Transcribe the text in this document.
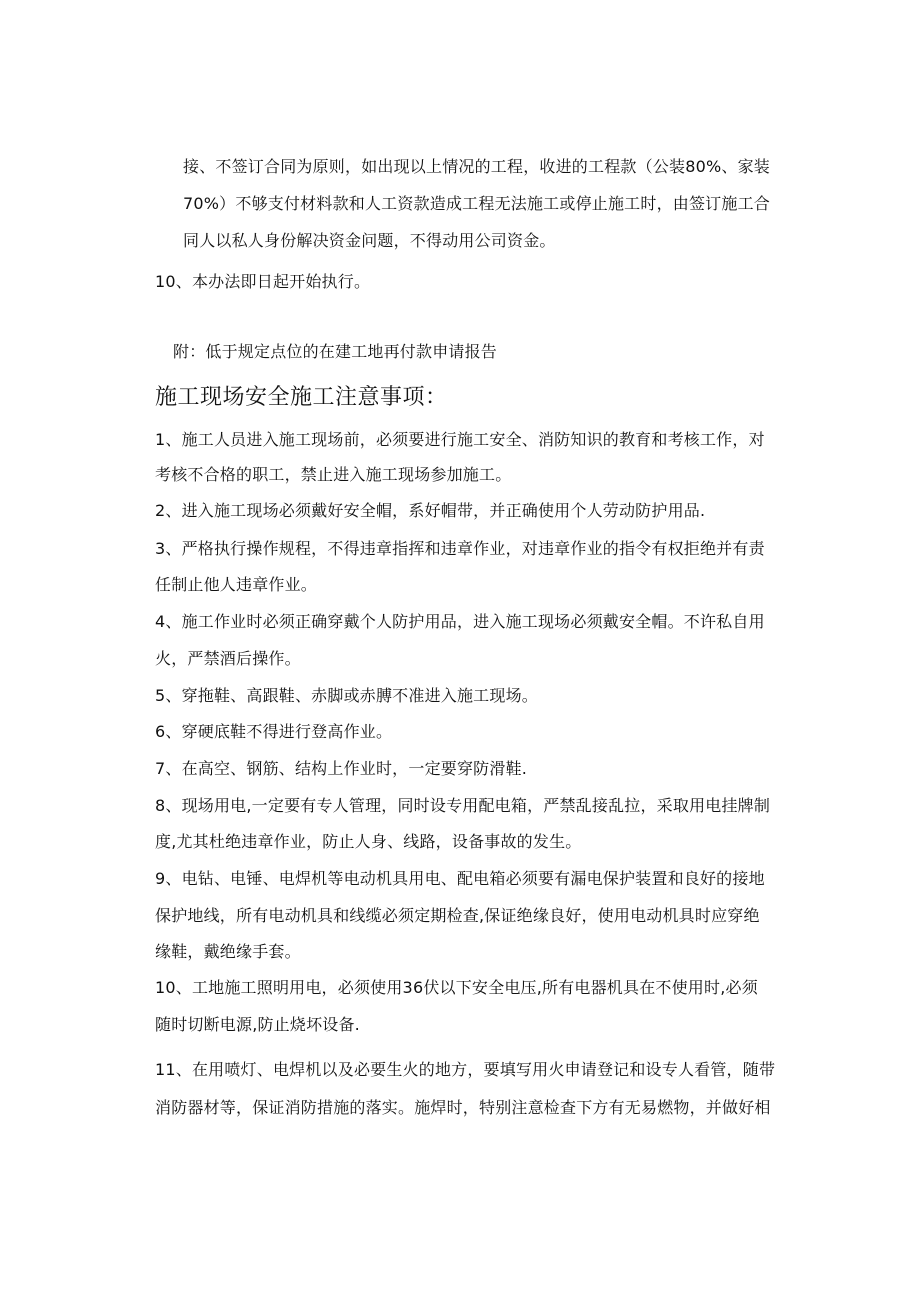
接、不签订合同为原则，如出现以上情况的工程，收进的工程款（公装80%、家装
70%）不够支付材料款和人工资款造成工程无法施工或停止施工时，由签订施工合
同人以私人身份解决资金问题，不得动用公司资金。
10、本办法即日起开始执行。
附：低于规定点位的在建工地再付款申请报告
施工现场安全施工注意事项：
1、施工人员进入施工现场前，必须要进行施工安全、消防知识的教育和考核工作，对
考核不合格的职工，禁止进入施工现场参加施工。
2、进入施工现场必须戴好安全帽，系好帽带，并正确使用个人劳动防护用品.
3、严格执行操作规程，不得违章指挥和违章作业，对违章作业的指令有权拒绝并有责
任制止他人违章作业。
4、施工作业时必须正确穿戴个人防护用品，进入施工现场必须戴安全帽。不许私自用
火，严禁酒后操作。
5、穿拖鞋、高跟鞋、赤脚或赤膊不准进入施工现场。
6、穿硬底鞋不得进行登高作业。
7、在高空、钢筋、结构上作业时，一定要穿防滑鞋.
8、现场用电,一定要有专人管理，同时设专用配电箱，严禁乱接乱拉，采取用电挂牌制
度,尤其杜绝违章作业，防止人身、线路，设备事故的发生。
9、电钻、电锤、电焊机等电动机具用电、配电箱必须要有漏电保护装置和良好的接地
保护地线，所有电动机具和线缆必须定期检查,保证绝缘良好，使用电动机具时应穿绝
缘鞋，戴绝缘手套。
10、工地施工照明用电，必须使用36伏以下安全电压,所有电器机具在不使用时,必须
随时切断电源,防止烧坏设备.
11、在用喷灯、电焊机以及必要生火的地方，要填写用火申请登记和设专人看管，随带
消防器材等，保证消防措施的落实。施焊时，特别注意检查下方有无易燃物，并做好相
